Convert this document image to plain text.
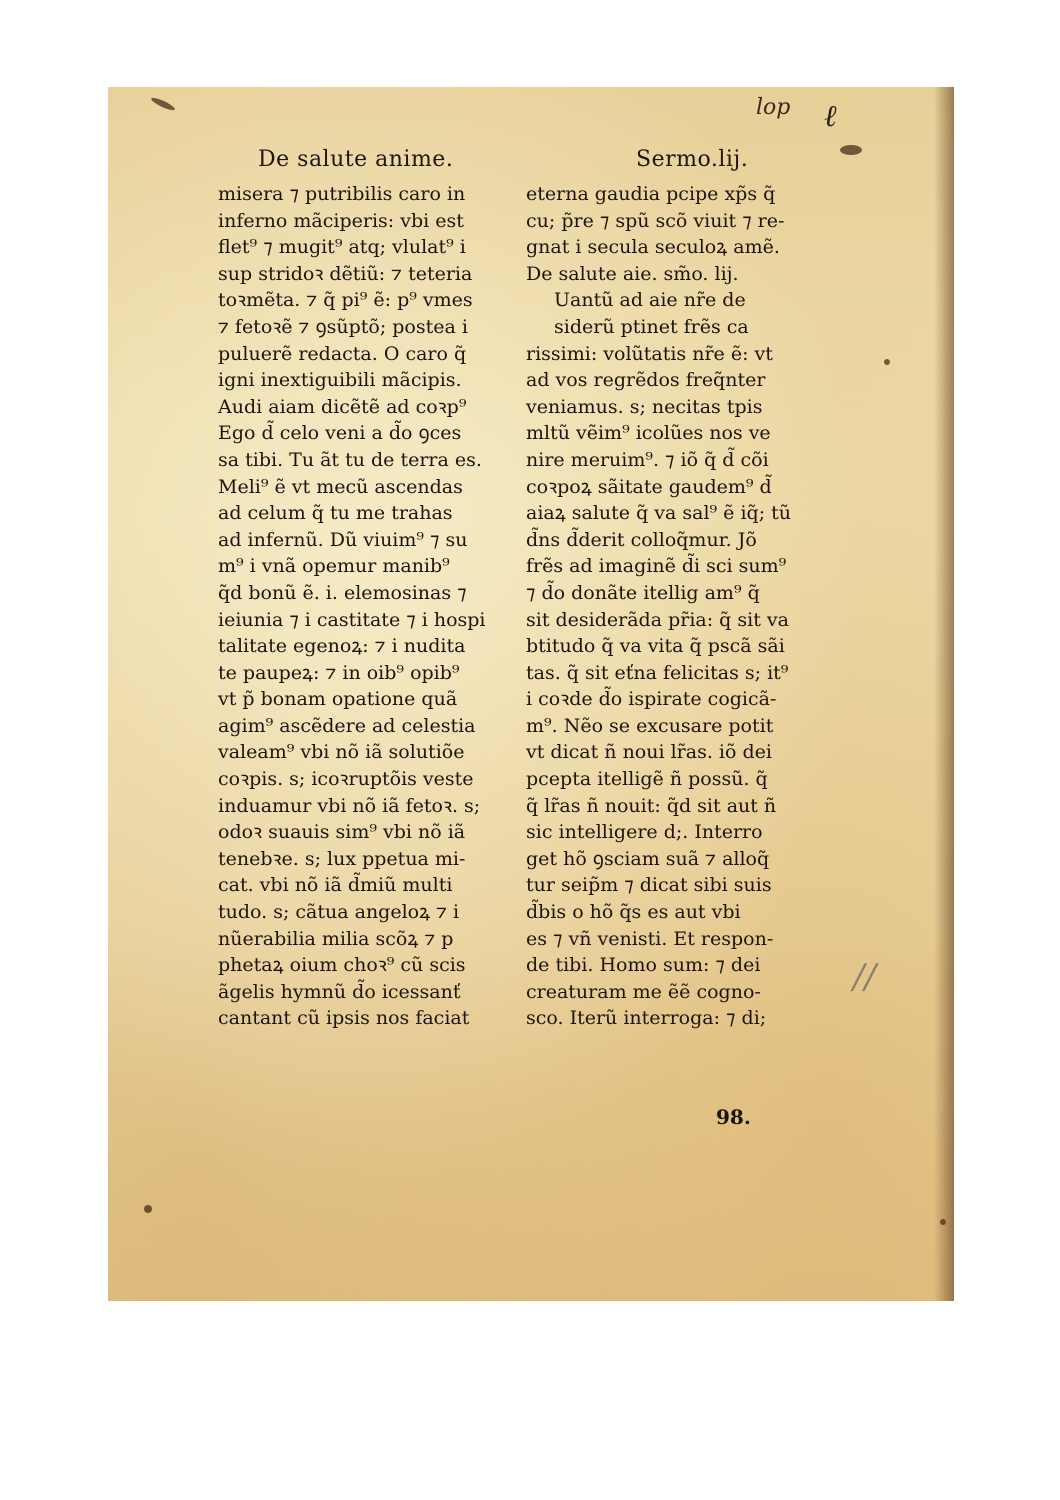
lop ℓ
De salute anime.	Sermo.lij.
misera ⁊ putribilis caro in
inferno mãciperis: vbi est
flet⁹ ⁊ mugit⁹ atq; vlulat⁹ i
sup stridoꝛ dẽtiũ: ⁊ teteria
toꝛmẽta. ⁊ q̃ pi⁹ ẽ: p⁹ vmes
⁊ fetoꝛẽ ⁊ ꝯsũptõ; postea i
puluerẽ redacta. O caro q̃
igni inextiguibili mãcipis.
Audi aiam dicẽtẽ ad coꝛp⁹
Ego d̃ celo veni a d̃o ꝯces
sa tibi. Tu ãt tu de terra es.
Meli⁹ ẽ vt mecũ ascendas
ad celum q̃ tu me trahas
ad infernũ. Dũ viuim⁹ ⁊ su
m⁹ i vnã opemur manib⁹
q̃d bonũ ẽ. i. elemosinas ⁊
ieiunia ⁊ i castitate ⁊ i hospi
talitate egenoꝝ: ⁊ i nudita
te paupeꝝ: ⁊ in oib⁹ opib⁹
vt p̃ bonam opatione quã
agim⁹ ascẽdere ad celestia
valeam⁹ vbi nõ iã solutiõe
coꝛpis. s; icoꝛruptõis veste
induamur vbi nõ iã fetoꝛ. s;
odoꝛ suauis sim⁹ vbi nõ iã
tenebꝛe. s; lux ppetua mi-
cat. vbi nõ iã d̃miũ multi
tudo. s; cãtua angeloꝝ ⁊ i
nũerabilia milia scõꝝ ⁊ p
phetaꝝ oium choꝛ⁹ cũ scis
ãgelis hymnũ d̃o icessanť
cantant cũ ipsis nos faciat
eterna gaudia pcipe xp̃s q̃
cu; p̃re ⁊ spũ scõ viuit ⁊ re-
gnat i secula seculoꝝ amẽ.
De salute aie. sm̃o. lij.
Uantũ ad aie nr̃e de
siderũ ptinet frẽs ca
rissimi: volũtatis nr̃e ẽ: vt
ad vos regrẽdos freq̃nter
veniamus. s; necitas tpis
mltũ vẽim⁹ icolũes nos ve
nire meruim⁹. ⁊ iõ q̃ d̃ cõi
coꝛpoꝝ sãitate gaudem⁹ d̃
aiaꝝ salute q̃ va sal⁹ ẽ iq̃; tũ
d̃ns d̃derit colloq̃mur. Jõ
frẽs ad imaginẽ d̃i sci sum⁹
⁊ d̃o donãte itellig am⁹ q̃
sit desiderãda pr̃ia: q̃ sit va
btitudo q̃ va vita q̃ pscã sãi
tas. q̃ sit eťna felicitas s; it⁹
i coꝛde d̃o ispirate cogicã-
m⁹. Nẽo se excusare potit
vt dicat ñ noui lr̃as. iõ dei
pcepta itelligẽ ñ possũ. q̃
q̃ lr̃as ñ nouit: q̃d sit aut ñ
sic intelligere d;. Interro
get hõ ꝯsciam suã ⁊ alloq̃
tur seip̃m ⁊ dicat sibi suis
d̃bis o hõ q̃s es aut vbi
es ⁊ vñ venisti. Et respon-
de tibi. Homo sum: ⁊ dei
creaturam me ẽẽ cogno-
sco. Iterũ interroga: ⁊ di;
98.
∕∕
